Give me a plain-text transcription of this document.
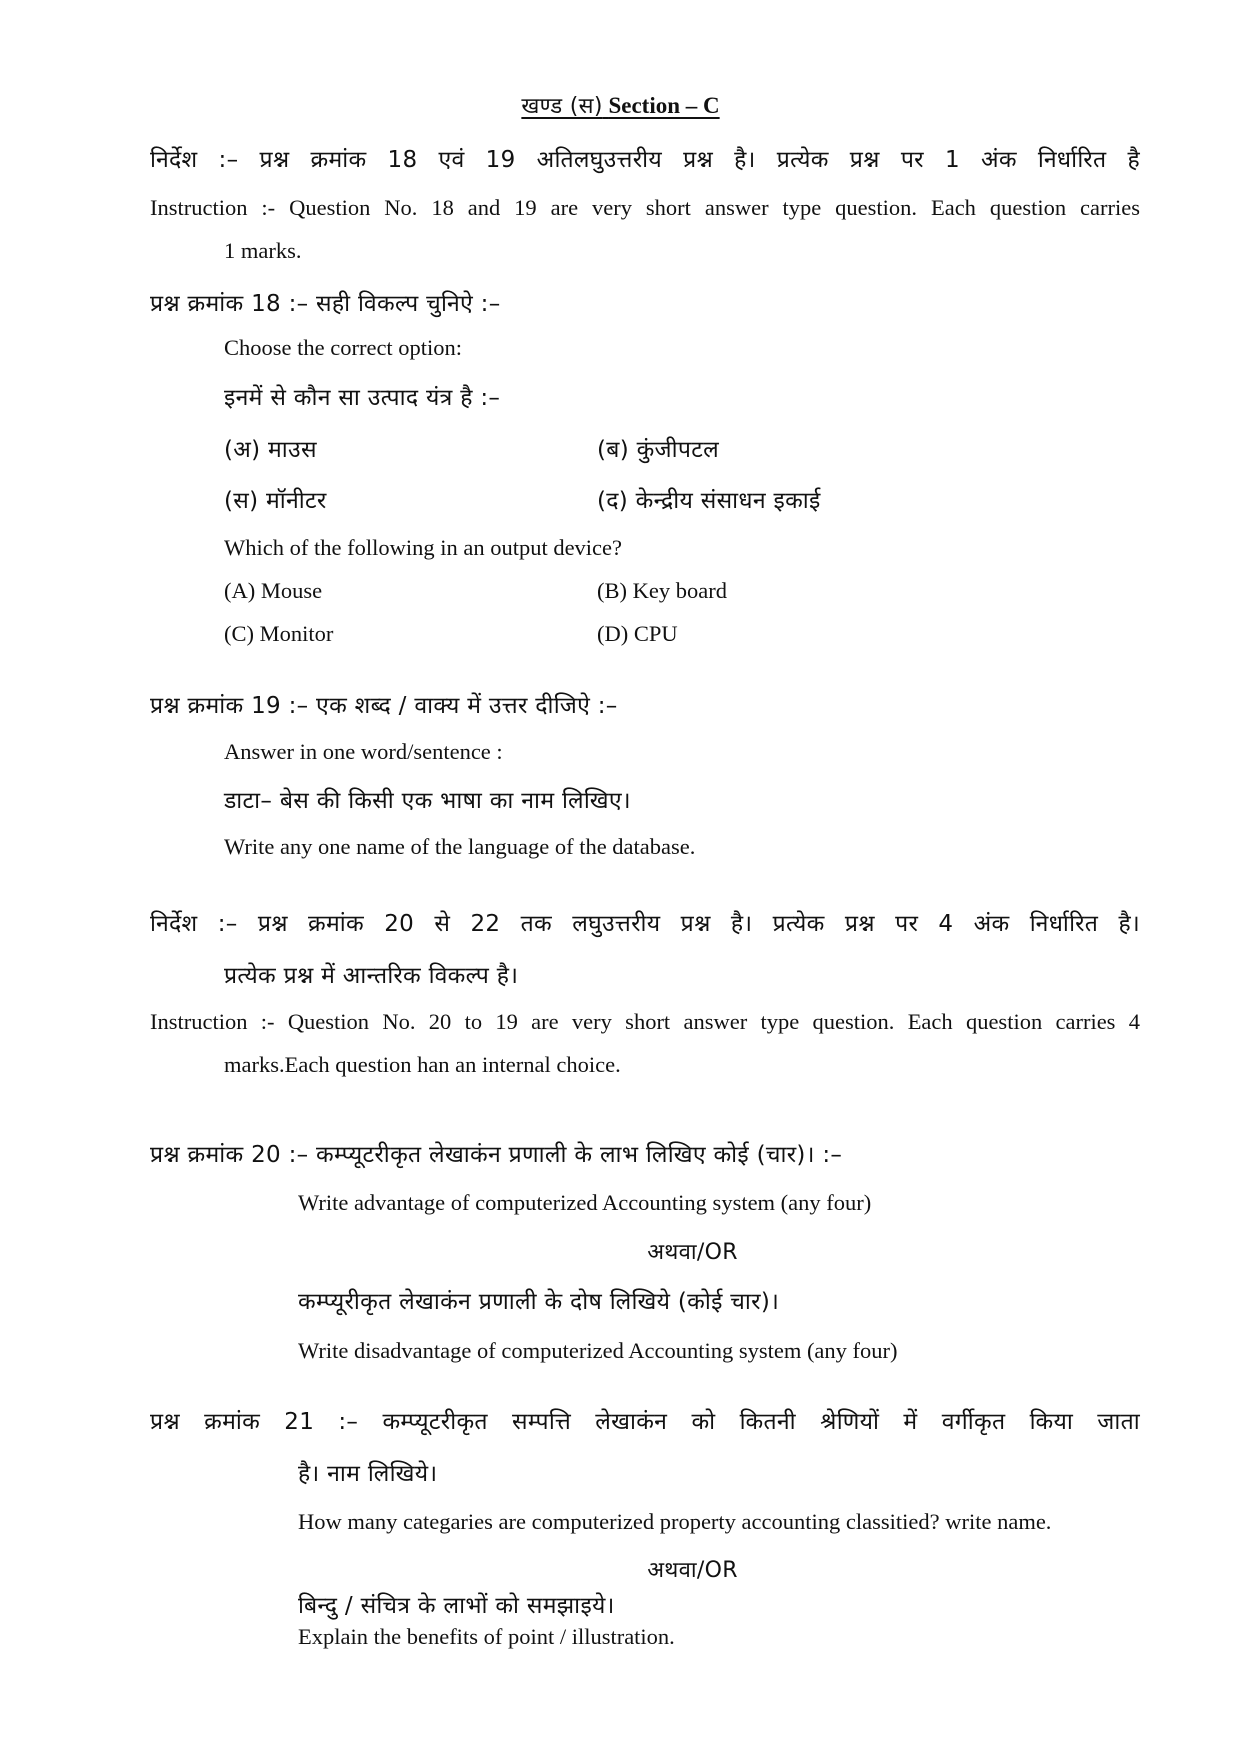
खण्ड (स) Section – C
निर्देश :– प्रश्न क्रमांक 18 एवं 19 अतिलघुउत्तरीय प्रश्न है। प्रत्येक प्रश्न पर 1 अंक निर्धारित है
Instruction :- Question No. 18 and 19 are very short answer type question. Each question carries
1 marks.
प्रश्न क्रमांक 18 :– सही विकल्प चुनिऐ :–
Choose the correct option:
इनमें से कौन सा उत्पाद यंत्र है :–
(अ) माउस	(ब) कुंजीपटल
(स) मॉनीटर	(द) केन्द्रीय संसाधन इकाई
Which of the following in an output device?
(A) Mouse	(B) Key board
(C) Monitor	(D) CPU
प्रश्न क्रमांक 19 :– एक शब्द / वाक्य में उत्तर दीजिऐ :–
Answer in one word/sentence :
डाटा– बेस की किसी एक भाषा का नाम लिखिए।
Write any one name of the language of the database.
निर्देश :– प्रश्न क्रमांक 20 से 22 तक लघुउत्तरीय प्रश्न है। प्रत्येक प्रश्न पर 4 अंक निर्धारित है।
प्रत्येक प्रश्न में आन्तरिक विकल्प है।
Instruction :- Question No. 20 to 19 are very short answer type question. Each question carries 4
marks.Each question han an internal choice.
प्रश्न क्रमांक 20 :– कम्प्यूटरीकृत लेखाकंन प्रणाली के लाभ लिखिए कोई (चार)। :–
Write advantage of computerized Accounting system (any four)
अथवा/OR
कम्प्यूरीकृत लेखाकंन प्रणाली के दोष लिखिये (कोई चार)।
Write disadvantage of computerized Accounting system (any four)
प्रश्न क्रमांक 21 :– कम्प्यूटरीकृत सम्पत्ति लेखाकंन को कितनी श्रेणियों में वर्गीकृत किया जाता
है। नाम लिखिये।
How many categaries are computerized property accounting classitied? write name.
अथवा/OR
बिन्दु / संचित्र के लाभों को समझाइये।
Explain the benefits of point / illustration.
